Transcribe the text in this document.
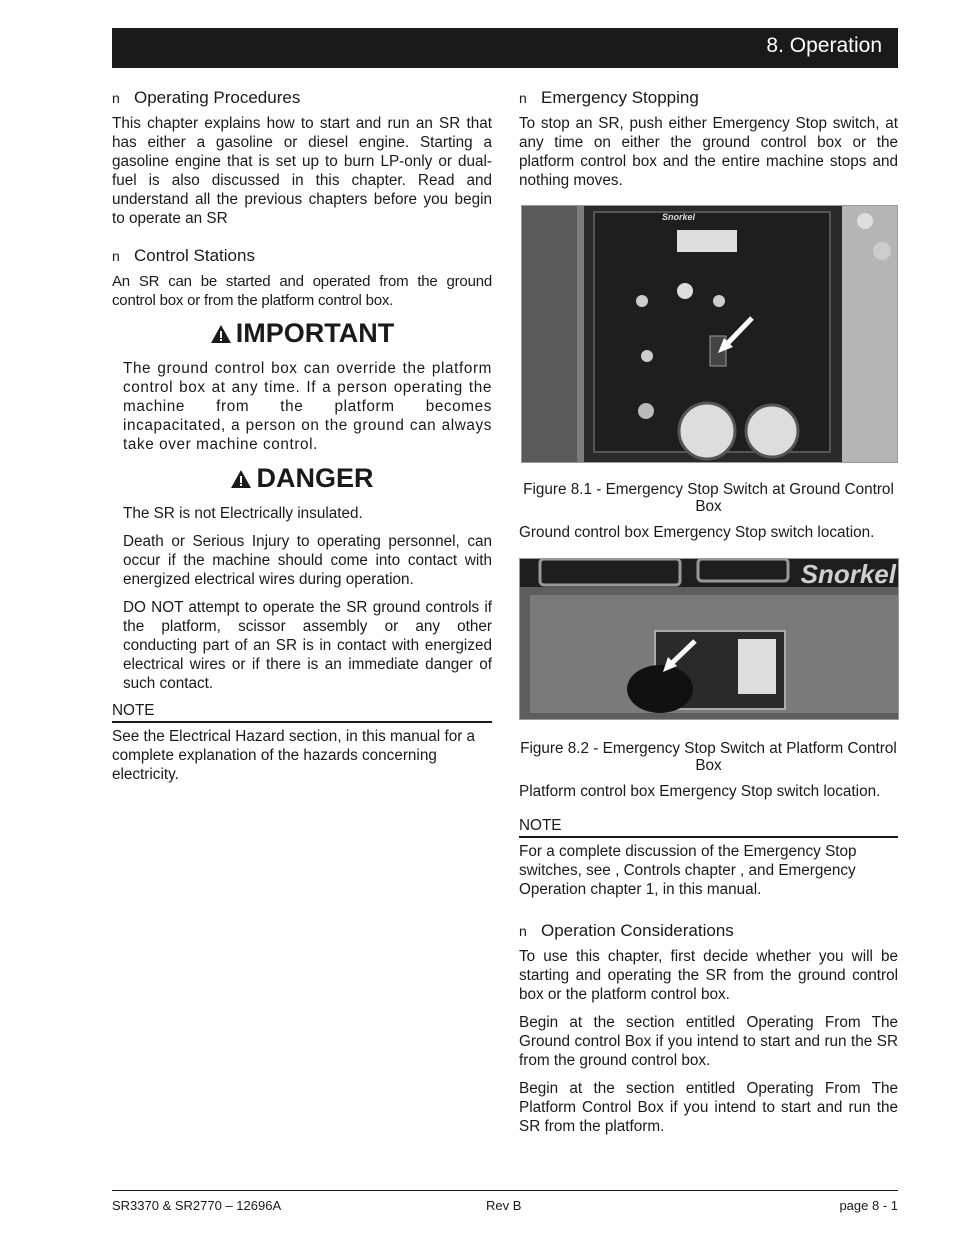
8. Operation
n Operating Procedures

This chapter explains how to start and run an SR that has either a gasoline or diesel engine. Starting a gasoline engine that is set up to burn LP-only or dual-fuel is also discussed in this chapter. Read and understand all the previous chapters before you begin to operate an SR

n Control Stations

An SR can be started and operated from the ground control box or from the platform control box.

IMPORTANT

The ground control box can override the platform control box at any time. If a person operating the machine from the platform becomes incapacitated, a person on the ground can always take over machine control.

DANGER

The SR is not Electrically insulated.

Death or Serious Injury to operating personnel, can occur if the machine should come into contact with energized electrical wires during operation.

DO NOT attempt to operate the SR ground controls if the platform, scissor assembly or any other conducting part of an SR is in contact with energized electrical wires or if there is an immediate danger of such contact.

NOTE

See the Electrical Hazard section, in this manual for a complete explanation of the hazards concerning electricity.

n Emergency Stopping

To stop an SR, push either Emergency Stop switch, at any time on either the ground control box or the platform control box and the entire machine stops and nothing moves.

Snorkel
Figure 8.1 - Emergency Stop Switch at Ground Control Box

Ground control box Emergency Stop switch location.

Snorkel
Figure 8.2 - Emergency Stop Switch at Platform Control Box

Platform control box Emergency Stop switch location.

NOTE

For a complete discussion of the Emergency Stop switches, see , Controls chapter , and Emergency Operation chapter 1, in this manual.

n Operation Considerations

To use this chapter, first decide whether you will be starting and operating the SR from the ground control box or the platform control box.

Begin at the section entitled Operating From The Ground control Box if you intend to start and run the SR from the ground control box.

Begin at the section entitled Operating From The Platform Control Box if you intend to start and run the SR from the platform.

SR3370 & SR2770 – 12696A	Rev B	page 8 - 1
